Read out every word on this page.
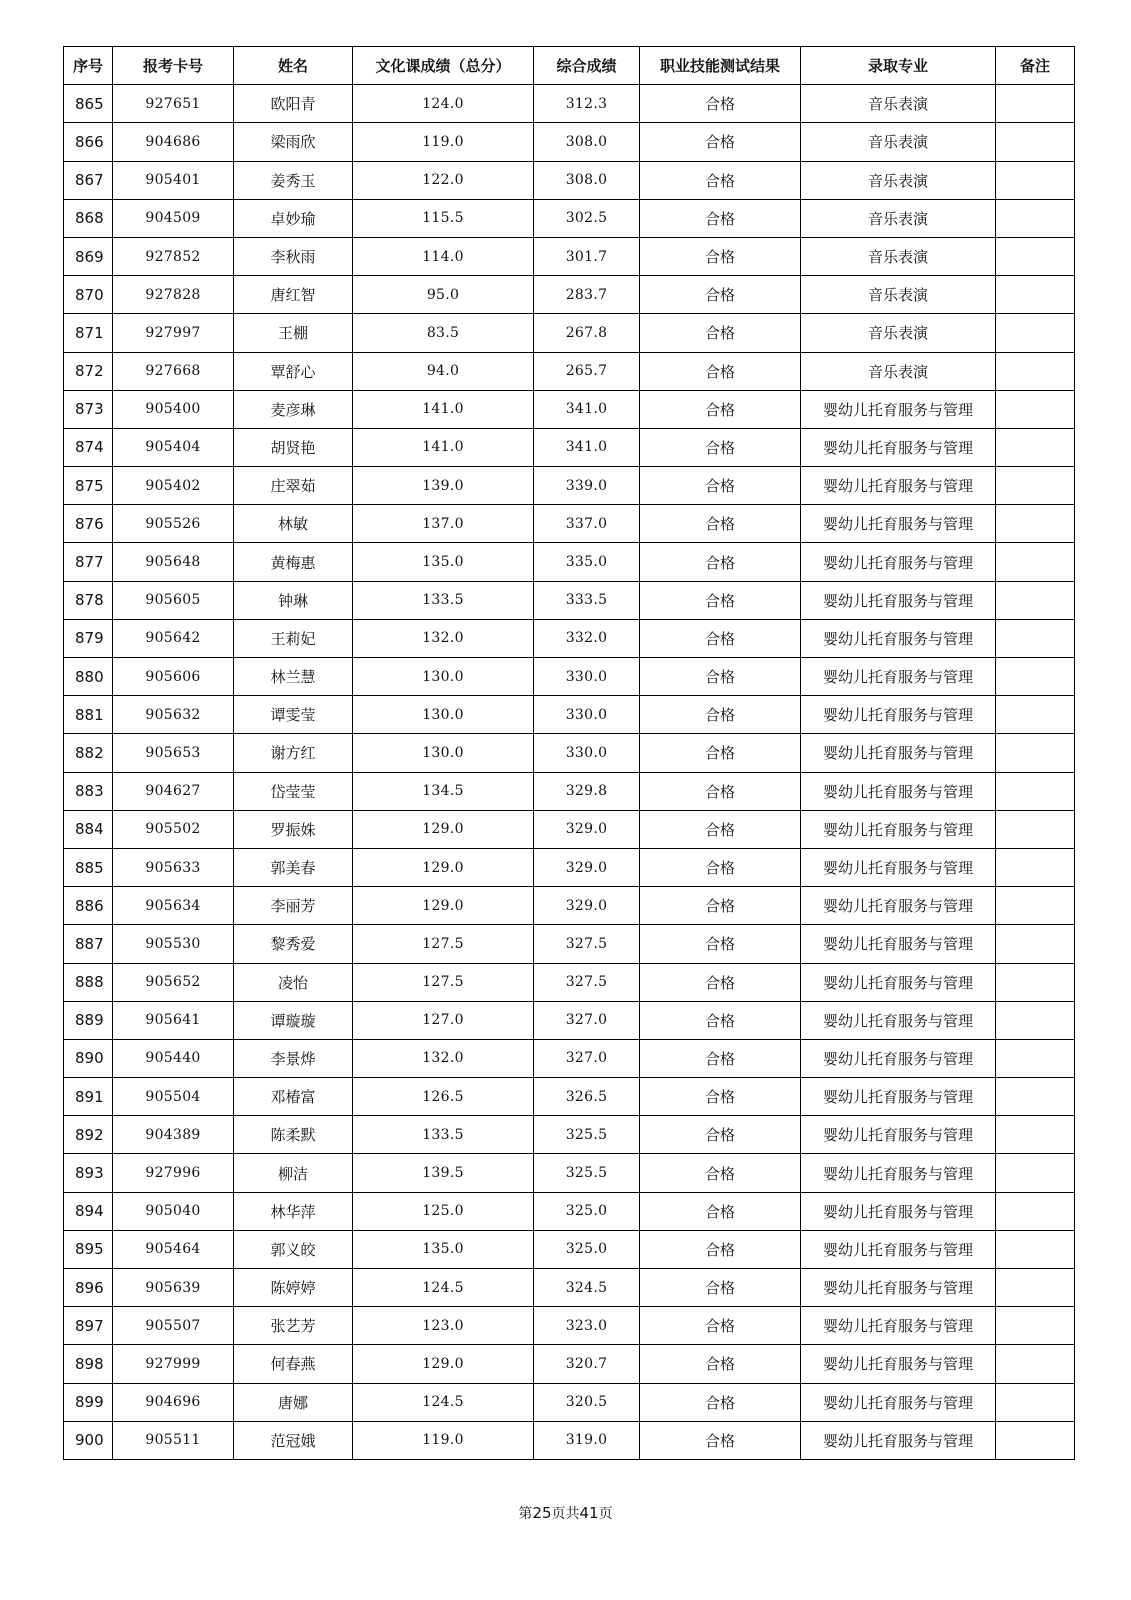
序号	报考卡号	姓名	文化课成绩（总分）	综合成绩	职业技能测试结果	录取专业	备注
865	927651	欧阳青	124.0	312.3	合格	音乐表演	
866	904686	梁雨欣	119.0	308.0	合格	音乐表演	
867	905401	姜秀玉	122.0	308.0	合格	音乐表演	
868	904509	卓妙瑜	115.5	302.5	合格	音乐表演	
869	927852	李秋雨	114.0	301.7	合格	音乐表演	
870	927828	唐红智	95.0	283.7	合格	音乐表演	
871	927997	王棚	83.5	267.8	合格	音乐表演	
872	927668	覃舒心	94.0	265.7	合格	音乐表演	
873	905400	麦彦琳	141.0	341.0	合格	婴幼儿托育服务与管理	
874	905404	胡贤艳	141.0	341.0	合格	婴幼儿托育服务与管理	
875	905402	庄翠茹	139.0	339.0	合格	婴幼儿托育服务与管理	
876	905526	林敏	137.0	337.0	合格	婴幼儿托育服务与管理	
877	905648	黄梅惠	135.0	335.0	合格	婴幼儿托育服务与管理	
878	905605	钟琳	133.5	333.5	合格	婴幼儿托育服务与管理	
879	905642	王莉妃	132.0	332.0	合格	婴幼儿托育服务与管理	
880	905606	林兰慧	130.0	330.0	合格	婴幼儿托育服务与管理	
881	905632	谭雯莹	130.0	330.0	合格	婴幼儿托育服务与管理	
882	905653	谢方红	130.0	330.0	合格	婴幼儿托育服务与管理	
883	904627	岱莹莹	134.5	329.8	合格	婴幼儿托育服务与管理	
884	905502	罗振姝	129.0	329.0	合格	婴幼儿托育服务与管理	
885	905633	郭美春	129.0	329.0	合格	婴幼儿托育服务与管理	
886	905634	李丽芳	129.0	329.0	合格	婴幼儿托育服务与管理	
887	905530	黎秀爱	127.5	327.5	合格	婴幼儿托育服务与管理	
888	905652	凌怡	127.5	327.5	合格	婴幼儿托育服务与管理	
889	905641	谭璇璇	127.0	327.0	合格	婴幼儿托育服务与管理	
890	905440	李景烨	132.0	327.0	合格	婴幼儿托育服务与管理	
891	905504	邓椿富	126.5	326.5	合格	婴幼儿托育服务与管理	
892	904389	陈柔默	133.5	325.5	合格	婴幼儿托育服务与管理	
893	927996	柳洁	139.5	325.5	合格	婴幼儿托育服务与管理	
894	905040	林华萍	125.0	325.0	合格	婴幼儿托育服务与管理	
895	905464	郭义皎	135.0	325.0	合格	婴幼儿托育服务与管理	
896	905639	陈婷婷	124.5	324.5	合格	婴幼儿托育服务与管理	
897	905507	张艺芳	123.0	323.0	合格	婴幼儿托育服务与管理	
898	927999	何春燕	129.0	320.7	合格	婴幼儿托育服务与管理	
899	904696	唐娜	124.5	320.5	合格	婴幼儿托育服务与管理	
900	905511	范冠娥	119.0	319.0	合格	婴幼儿托育服务与管理	
第25页共41页
